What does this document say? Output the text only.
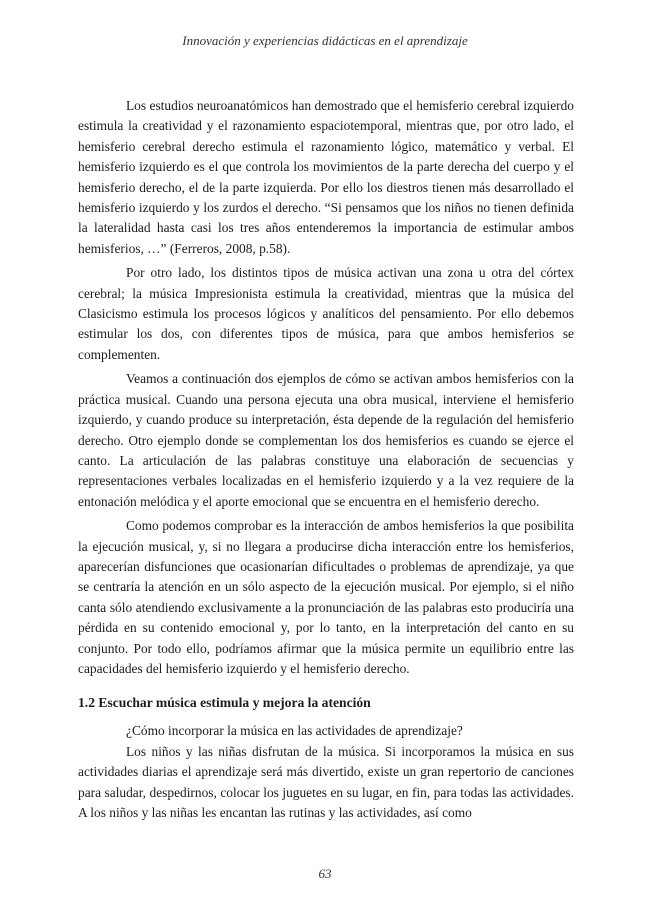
Innovación y experiencias didácticas en el aprendizaje

Los estudios neuroanatómicos han demostrado que el hemisferio cerebral izquierdo estimula la creatividad y el razonamiento espaciotemporal, mientras que, por otro lado, el hemisferio cerebral derecho estimula el razonamiento lógico, matemático y verbal. El hemisferio izquierdo es el que controla los movimientos de la parte derecha del cuerpo y el hemisferio derecho, el de la parte izquierda. Por ello los diestros tienen más desarrollado el hemisferio izquierdo y los zurdos el derecho. “Si pensamos que los niños no tienen definida la lateralidad hasta casi los tres años entenderemos la importancia de estimular ambos hemisferios, …” (Ferreros, 2008, p.58).

Por otro lado, los distintos tipos de música activan una zona u otra del córtex cerebral; la música Impresionista estimula la creatividad, mientras que la música del Clasicismo estimula los procesos lógicos y analíticos del pensamiento. Por ello debemos estimular los dos, con diferentes tipos de música, para que ambos hemisferios se complementen.

Veamos a continuación dos ejemplos de cómo se activan ambos hemisferios con la práctica musical. Cuando una persona ejecuta una obra musical, interviene el hemisferio izquierdo, y cuando produce su interpretación, ésta depende de la regulación del hemisferio derecho. Otro ejemplo donde se complementan los dos hemisferios es cuando se ejerce el canto. La articulación de las palabras constituye una elaboración de secuencias y representaciones verbales localizadas en el hemisferio izquierdo y a la vez requiere de la entonación melódica y el aporte emocional que se encuentra en el hemisferio derecho.

Como podemos comprobar es la interacción de ambos hemisferios la que posibilita la ejecución musical, y, si no llegara a producirse dicha interacción entre los hemisferios, aparecerían disfunciones que ocasionarían dificultades o problemas de aprendizaje, ya que se centraría la atención en un sólo aspecto de la ejecución musical. Por ejemplo, si el niño canta sólo atendiendo exclusivamente a la pronunciación de las palabras esto produciría una pérdida en su contenido emocional y, por lo tanto, en la interpretación del canto en su conjunto. Por todo ello, podríamos afirmar que la música permite un equilibrio entre las capacidades del hemisferio izquierdo y el hemisferio derecho.

1.2 Escuchar música estimula y mejora la atención

¿Cómo incorporar la música en las actividades de aprendizaje?

Los niños y las niñas disfrutan de la música. Si incorporamos la música en sus actividades diarias el aprendizaje será más divertido, existe un gran repertorio de canciones para saludar, despedirnos, colocar los juguetes en su lugar, en fin, para todas las actividades. A los niños y las niñas les encantan las rutinas y las actividades, así como

63
